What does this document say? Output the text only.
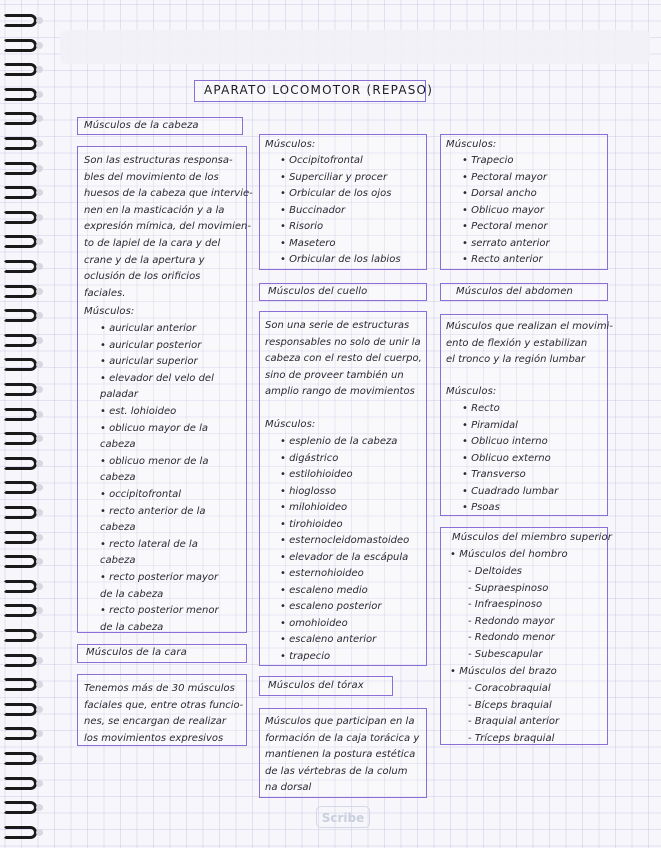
APARATO LOCOMOTOR (REPASO)
Músculos de la cabeza
Son las estructuras responsa-
bles del movimiento de los
huesos de la cabeza que intervie-
nen en la masticación y a la
expresión mímica, del movimien-
to de lapiel de la cara y del
crane y de la apertura y
oclusión de los orificios
faciales.
Músculos:
• auricular anterior
• auricular posterior
• auricular superior
• elevador del velo del
paladar
• est. lohioideo
• oblicuo mayor de la
cabeza
• oblicuo menor de la
cabeza
• occipitofrontal
• recto anterior de la
cabeza
• recto lateral de la
cabeza
• recto posterior mayor
de la cabeza
• recto posterior menor
de la cabeza
Músculos de la cara
Tenemos más de 30 músculos
faciales que, entre otras funcio-
nes, se encargan de realizar
los movimientos expresivos
Músculos:
• Occipitofrontal
• Superciliar y procer
• Orbicular de los ojos
• Buccinador
• Risorio
• Masetero
• Orbicular de los labios
Músculos del cuello
Son una serie de estructuras
responsables no solo de unir la
cabeza con el resto del cuerpo,
sino de proveer también un
amplio rango de movimientos
Músculos:
• esplenio de la cabeza
• digástrico
• estilohioideo
• hioglosso
• milohioideo
• tirohioideo
• esternocleidomastoideo
• elevador de la escápula
• esternohioideo
• escaleno medio
• escaleno posterior
• omohioideo
• escaleno anterior
• trapecio
Músculos del tórax
Músculos que participan en la
formación de la caja torácica y
mantienen la postura estética
de las vértebras de la colum
na dorsal
Músculos:
• Trapecio
• Pectoral mayor
• Dorsal ancho
• Oblicuo mayor
• Pectoral menor
• serrato anterior
• Recto anterior
Músculos del abdomen
Músculos que realizan el movimi-
ento de flexión y estabilizan
el tronco y la región lumbar
Músculos:
• Recto
• Piramidal
• Oblicuo interno
• Oblicuo externo
• Transverso
• Cuadrado lumbar
• Psoas
Músculos del miembro superior
• Músculos del hombro
- Deltoides
- Supraespinoso
- Infraespinoso
- Redondo mayor
- Redondo menor
- Subescapular
• Músculos del brazo
- Coracobraquial
- Bíceps braquial
- Braquial anterior
- Tríceps braquial
Scribe
